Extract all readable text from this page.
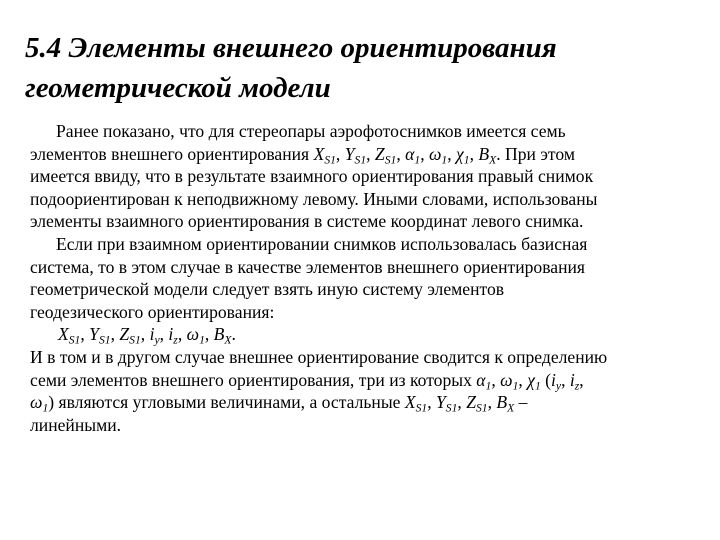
5.4 Элементы внешнего ориентирования
геометрической модели
Ранее показано, что для стереопары аэрофотоснимков имеется семь
элементов внешнего ориентирования $X_{S1}$, $Y_{S1}$, $Z_{S1}$, $\alpha_1$, $\omega_1$, $\chi_1$, $B_X$. При этом
имеется ввиду, что в результате взаимного ориентирования правый снимок
подоориентирован к неподвижному левому. Иными словами, использованы
элементы взаимного ориентирования в системе координат левого снимка.
Если при взаимном ориентировании снимков использовалась базисная
система, то в этом случае в качестве элементов внешнего ориентирования
геометрической модели следует взять иную систему элементов
геодезического ориентирования:
$X_{S1}$, $Y_{S1}$, $Z_{S1}$, $i_y$, $i_z$, $\omega_1$, $B_X$.
И в том и в другом случае внешнее ориентирование сводится к определению
семи элементов внешнего ориентирования, три из которых $\alpha_1$, $\omega_1$, $\chi_1$ ($i_y$, $i_z$,
$\omega_1$) являются угловыми величинами, а остальные $X_{S1}$, $Y_{S1}$, $Z_{S1}$, $B_X$ –
линейными.
